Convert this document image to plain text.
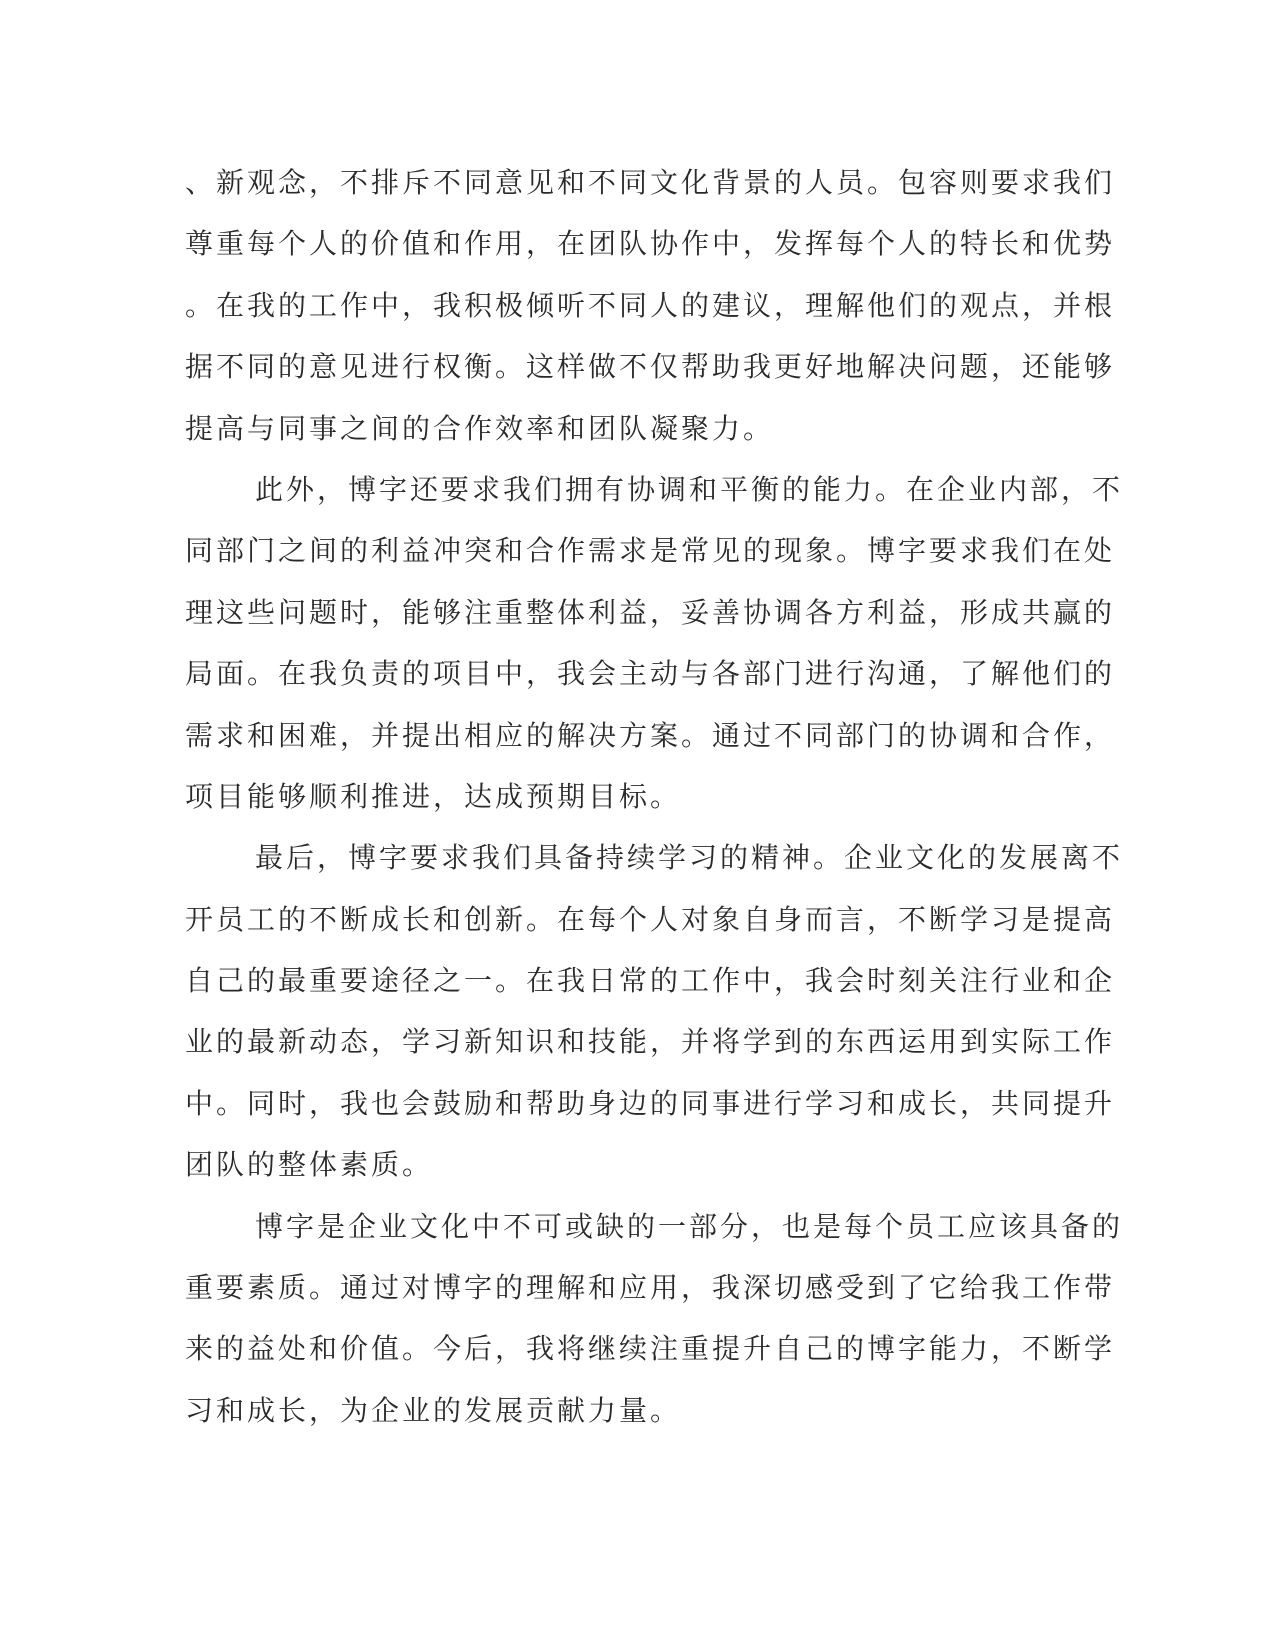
、新观念，不排斥不同意见和不同文化背景的人员。包容则要求我们
尊重每个人的价值和作用，在团队协作中，发挥每个人的特长和优势
。在我的工作中，我积极倾听不同人的建议，理解他们的观点，并根
据不同的意见进行权衡。这样做不仅帮助我更好地解决问题，还能够
提高与同事之间的合作效率和团队凝聚力。
此外，博字还要求我们拥有协调和平衡的能力。在企业内部，不
同部门之间的利益冲突和合作需求是常见的现象。博字要求我们在处
理这些问题时，能够注重整体利益，妥善协调各方利益，形成共赢的
局面。在我负责的项目中，我会主动与各部门进行沟通，了解他们的
需求和困难，并提出相应的解决方案。通过不同部门的协调和合作，
项目能够顺利推进，达成预期目标。
最后，博字要求我们具备持续学习的精神。企业文化的发展离不
开员工的不断成长和创新。在每个人对象自身而言，不断学习是提高
自己的最重要途径之一。在我日常的工作中，我会时刻关注行业和企
业的最新动态，学习新知识和技能，并将学到的东西运用到实际工作
中。同时，我也会鼓励和帮助身边的同事进行学习和成长，共同提升
团队的整体素质。
博字是企业文化中不可或缺的一部分，也是每个员工应该具备的
重要素质。通过对博字的理解和应用，我深切感受到了它给我工作带
来的益处和价值。今后，我将继续注重提升自己的博字能力，不断学
习和成长，为企业的发展贡献力量。
